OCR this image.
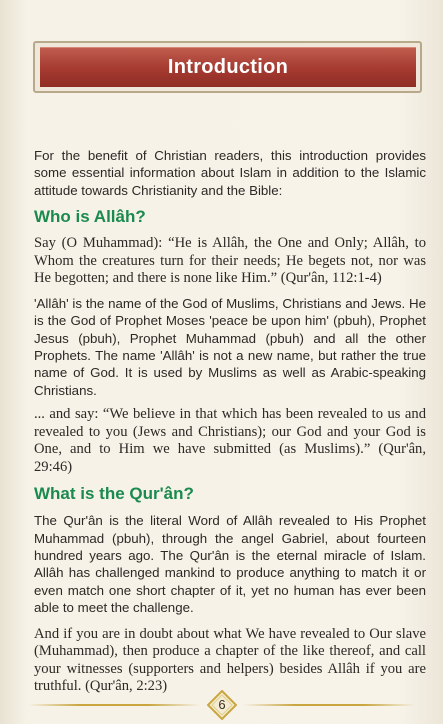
Introduction

For the benefit of Christian readers, this introduction provides some essential information about Islam in addition to the Islamic attitude towards Christianity and the Bible:

Who is Allâh?

Say (O Muhammad): “He is Allâh, the One and Only; Allâh, to Whom the creatures turn for their needs; He begets not, nor was He begotten; and there is none like Him.” (Qur'ân, 112:1-4)

'Allâh' is the name of the God of Muslims, Christians and Jews. He is the God of Prophet Moses 'peace be upon him' (pbuh), Prophet Jesus (pbuh), Prophet Muhammad (pbuh) and all the other Prophets. The name 'Allâh' is not a new name, but rather the true name of God. It is used by Muslims as well as Arabic-speaking Christians.

... and say: “We believe in that which has been revealed to us and revealed to you (Jews and Christians); our God and your God is One, and to Him we have submitted (as Muslims).” (Qur'ân, 29:46)

What is the Qur'ân?

The Qur'ân is the literal Word of Allâh revealed to His Prophet Muhammad (pbuh), through the angel Gabriel, about fourteen hundred years ago. The Qur'ân is the eternal miracle of Islam. Allâh has challenged mankind to produce anything to match it or even match one short chapter of it, yet no human has ever been able to meet the challenge.

And if you are in doubt about what We have revealed to Our slave (Muhammad), then produce a chapter of the like thereof, and call your witnesses (supporters and helpers) besides Allâh if you are truthful. (Qur'ân, 2:23)

6
